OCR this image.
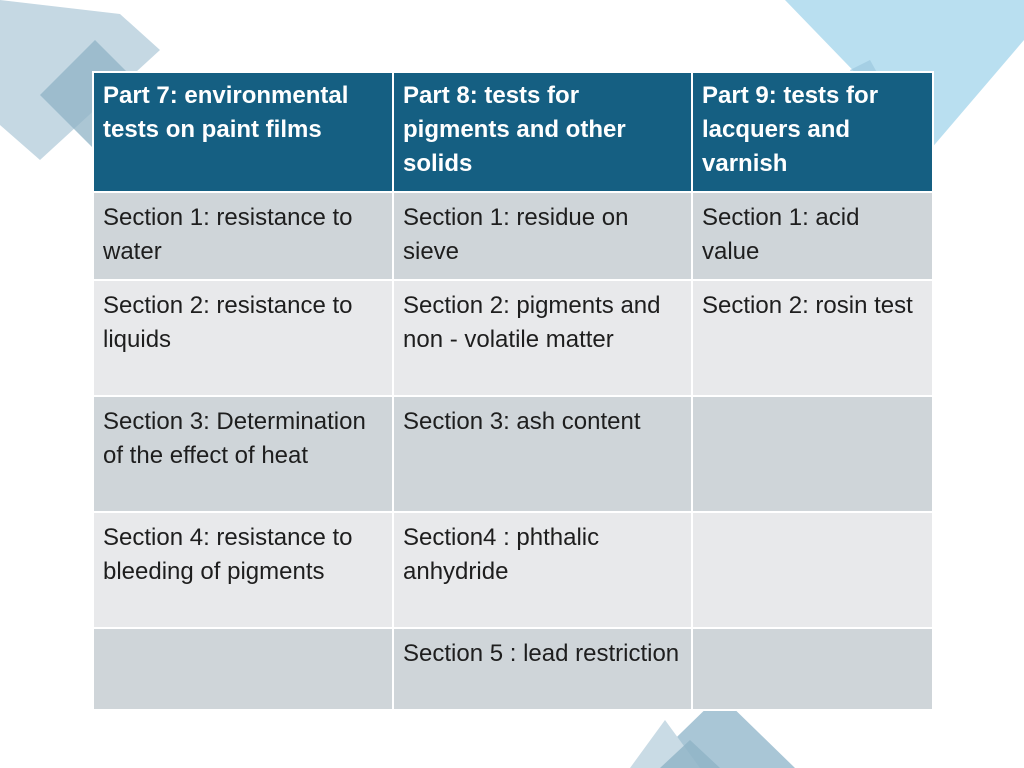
Part 7: environmental tests on paint films	Part 8: tests for pigments and other solids	Part 9: tests for lacquers and varnish
Section 1: resistance to water	Section 1: residue on sieve	Section 1: acid value
Section 2: resistance to liquids	Section 2: pigments and non - volatile matter	Section 2: rosin test
Section 3: Determination of the effect of heat	Section 3: ash content	
Section 4: resistance to bleeding of pigments	Section4 : phthalic anhydride	
	Section 5 : lead restriction	
